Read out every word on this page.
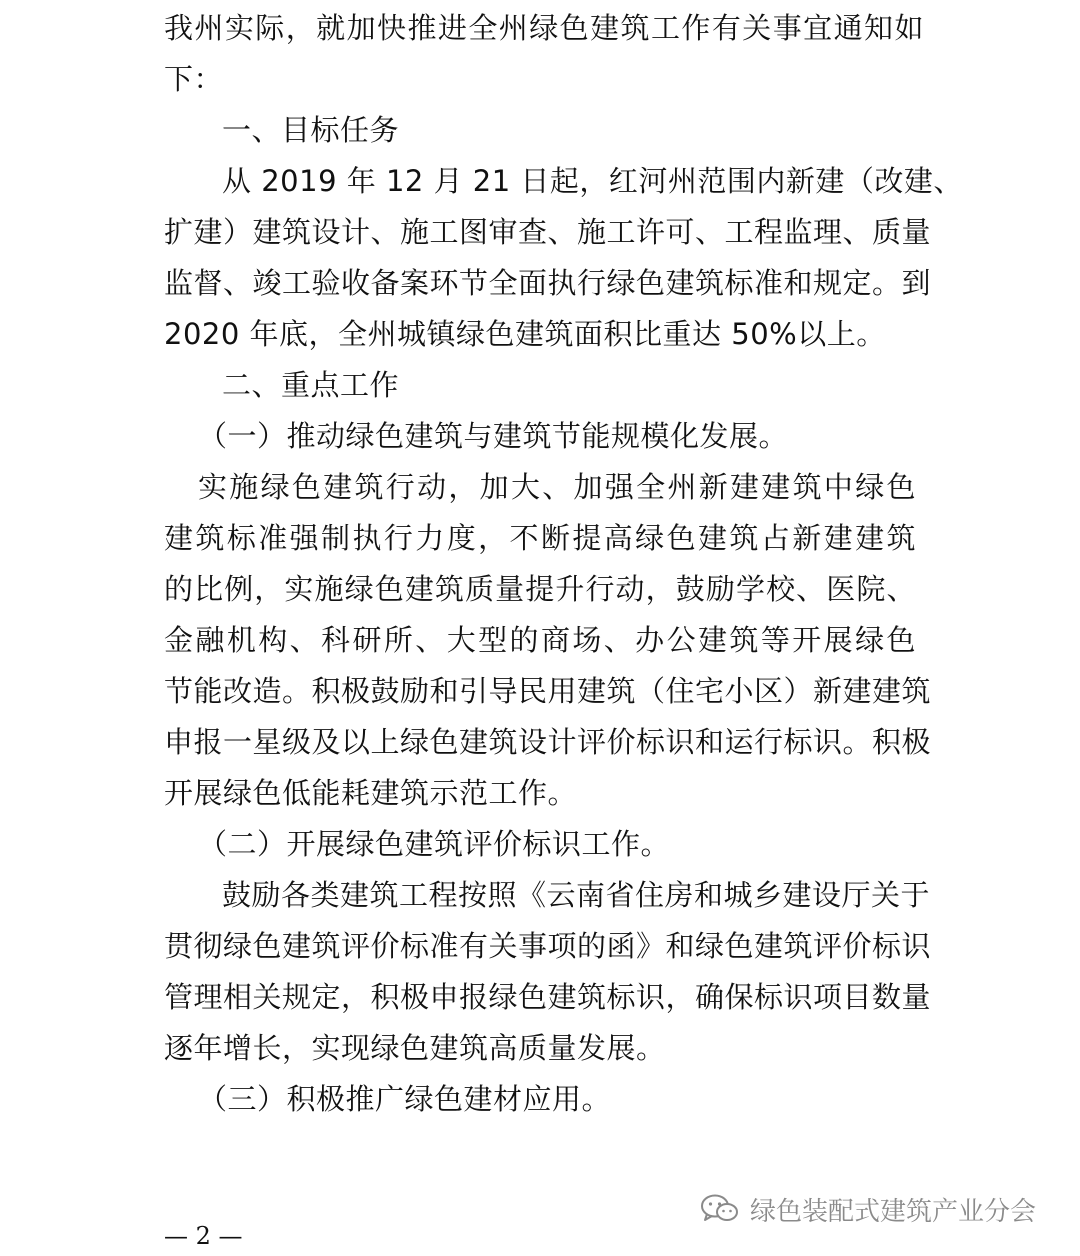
我州实际，就加快推进全州绿色建筑工作有关事宜通知如
下：
一、目标任务
从 2019 年 12 月 21 日起，红河州范围内新建（改建、
扩建）建筑设计、施工图审查、施工许可、工程监理、质量
监督、竣工验收备案环节全面执行绿色建筑标准和规定。到
2020 年底，全州城镇绿色建筑面积比重达 50%以上。
二、重点工作
（一）推动绿色建筑与建筑节能规模化发展。
实施绿色建筑行动，加大、加强全州新建建筑中绿色
建筑标准强制执行力度，不断提高绿色建筑占新建建筑
的比例，实施绿色建筑质量提升行动，鼓励学校、医院、
金融机构、科研所、大型的商场、办公建筑等开展绿色
节能改造。积极鼓励和引导民用建筑（住宅小区）新建建筑
申报一星级及以上绿色建筑设计评价标识和运行标识。积极
开展绿色低能耗建筑示范工作。
（二）开展绿色建筑评价标识工作。
鼓励各类建筑工程按照《云南省住房和城乡建设厅关于
贯彻绿色建筑评价标准有关事项的函》和绿色建筑评价标识
管理相关规定，积极申报绿色建筑标识，确保标识项目数量
逐年增长，实现绿色建筑高质量发展。
（三）积极推广绿色建材应用。
— 2 —
绿色装配式建筑产业分会
